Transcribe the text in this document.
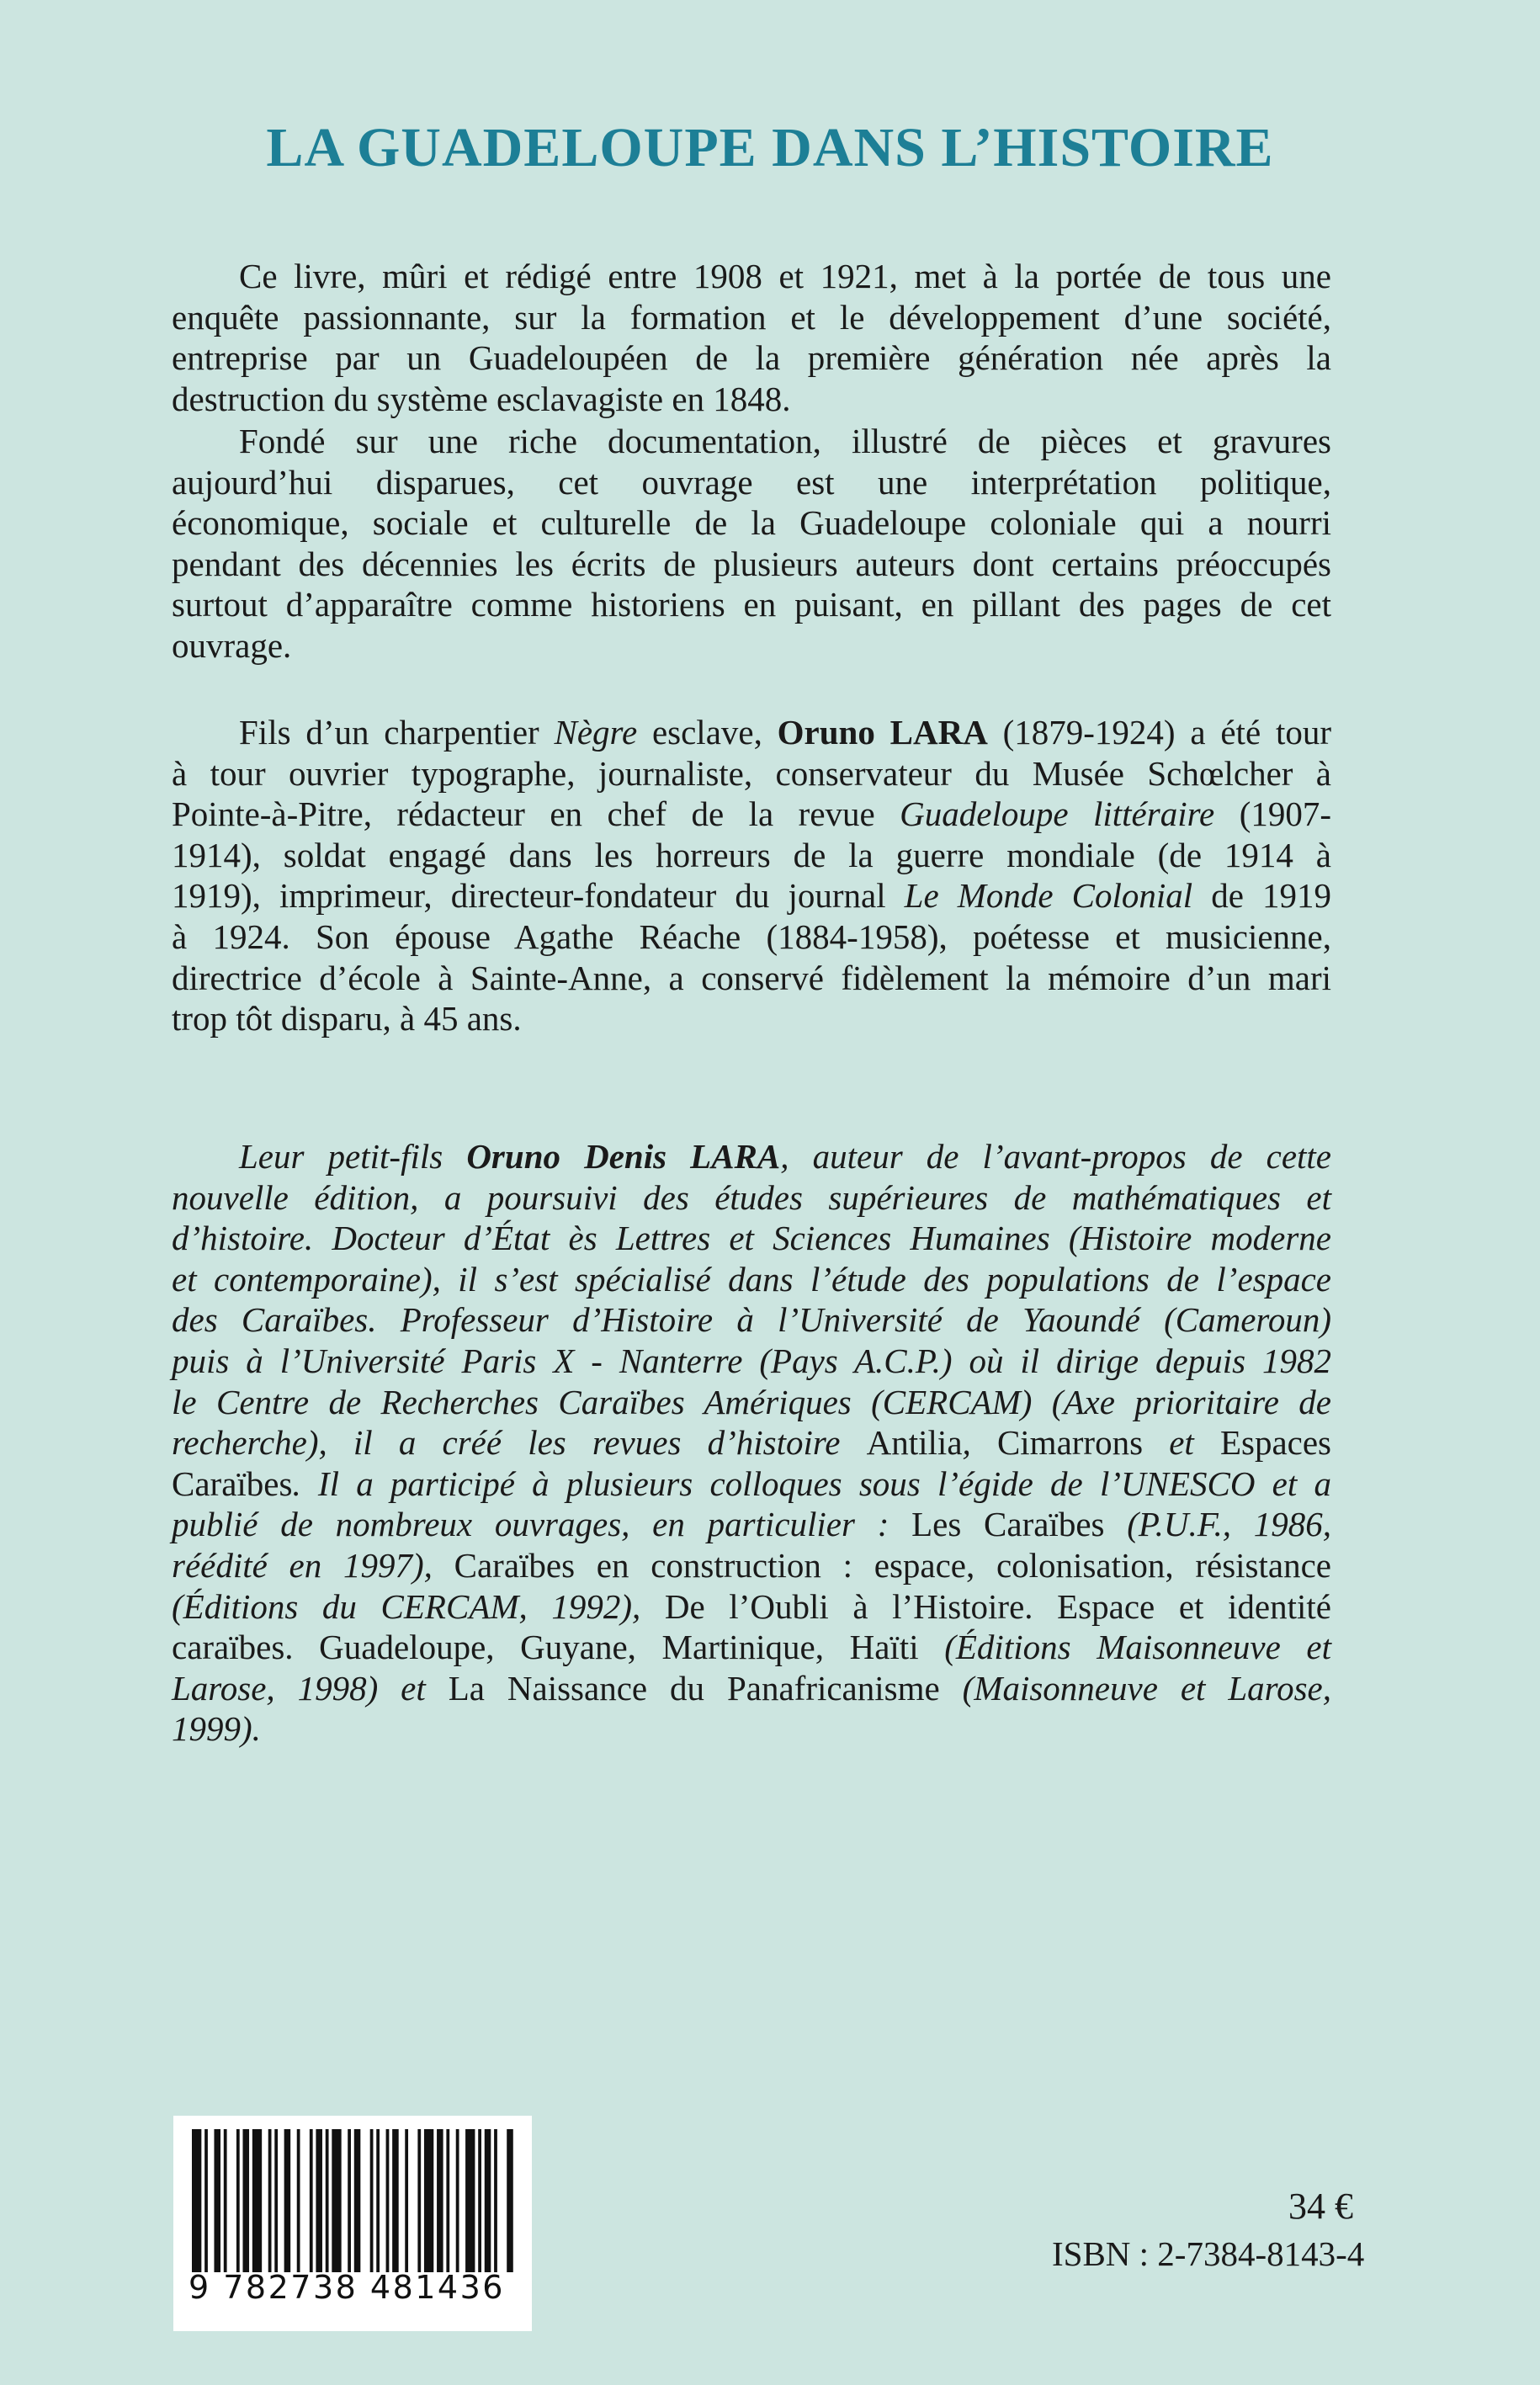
LA GUADELOUPE DANS L’HISTOIRE
Ce livre, mûri et rédigé entre 1908 et 1921, met à la portée de tous une
enquête passionnante, sur la formation et le développement d’une société,
entreprise par un Guadeloupéen de la première génération née après la
destruction du système esclavagiste en 1848.
Fondé sur une riche documentation, illustré de pièces et gravures
aujourd’hui disparues, cet ouvrage est une interprétation politique,
économique, sociale et culturelle de la Guadeloupe coloniale qui a nourri
pendant des décennies les écrits de plusieurs auteurs dont certains préoccupés
surtout d’apparaître comme historiens en puisant, en pillant des pages de cet
ouvrage.
Fils d’un charpentier Nègre esclave, Oruno LARA (1879-1924) a été tour
à tour ouvrier typographe, journaliste, conservateur du Musée Schœlcher à
Pointe-à-Pitre, rédacteur en chef de la revue Guadeloupe littéraire (1907-
1914), soldat engagé dans les horreurs de la guerre mondiale (de 1914 à
1919), imprimeur, directeur-fondateur du journal Le Monde Colonial de 1919
à 1924. Son épouse Agathe Réache (1884-1958), poétesse et musicienne,
directrice d’école à Sainte-Anne, a conservé fidèlement la mémoire d’un mari
trop tôt disparu, à 45 ans.
Leur petit-fils Oruno Denis LARA, auteur de l’avant-propos de cette
nouvelle édition, a poursuivi des études supérieures de mathématiques et
d’histoire. Docteur d’État ès Lettres et Sciences Humaines (Histoire moderne
et contemporaine), il s’est spécialisé dans l’étude des populations de l’espace
des Caraïbes. Professeur d’Histoire à l’Université de Yaoundé (Cameroun)
puis à l’Université Paris X - Nanterre (Pays A.C.P.) où il dirige depuis 1982
le Centre de Recherches Caraïbes Amériques (CERCAM) (Axe prioritaire de
recherche), il a créé les revues d’histoire Antilia, Cimarrons et Espaces
Caraïbes. Il a participé à plusieurs colloques sous l’égide de l’UNESCO et a
publié de nombreux ouvrages, en particulier : Les Caraïbes (P.U.F., 1986,
réédité en 1997), Caraïbes en construction : espace, colonisation, résistance
(Éditions du CERCAM, 1992), De l’Oubli à l’Histoire. Espace et identité
caraïbes. Guadeloupe, Guyane, Martinique, Haïti (Éditions Maisonneuve et
Larose, 1998) et La Naissance du Panafricanisme (Maisonneuve et Larose,
1999).
9 782738 481436
34 €
ISBN : 2-7384-8143-4
